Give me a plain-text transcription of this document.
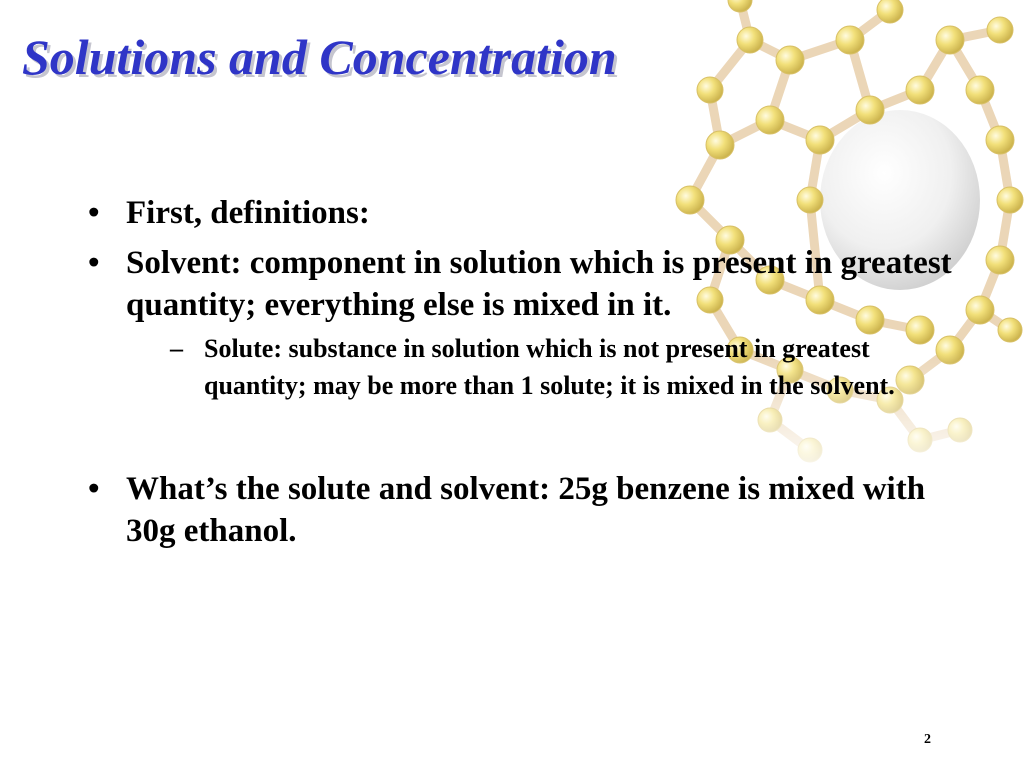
Solutions and Concentration
• First, definitions:
• Solvent: component in solution which is present in greatest quantity; everything else is mixed in it.
– Solute: substance in solution which is not present in greatest quantity; may be more than 1 solute; it is mixed in the solvent.
• What’s the solute and solvent: 25g benzene is mixed with 30g ethanol.
2
